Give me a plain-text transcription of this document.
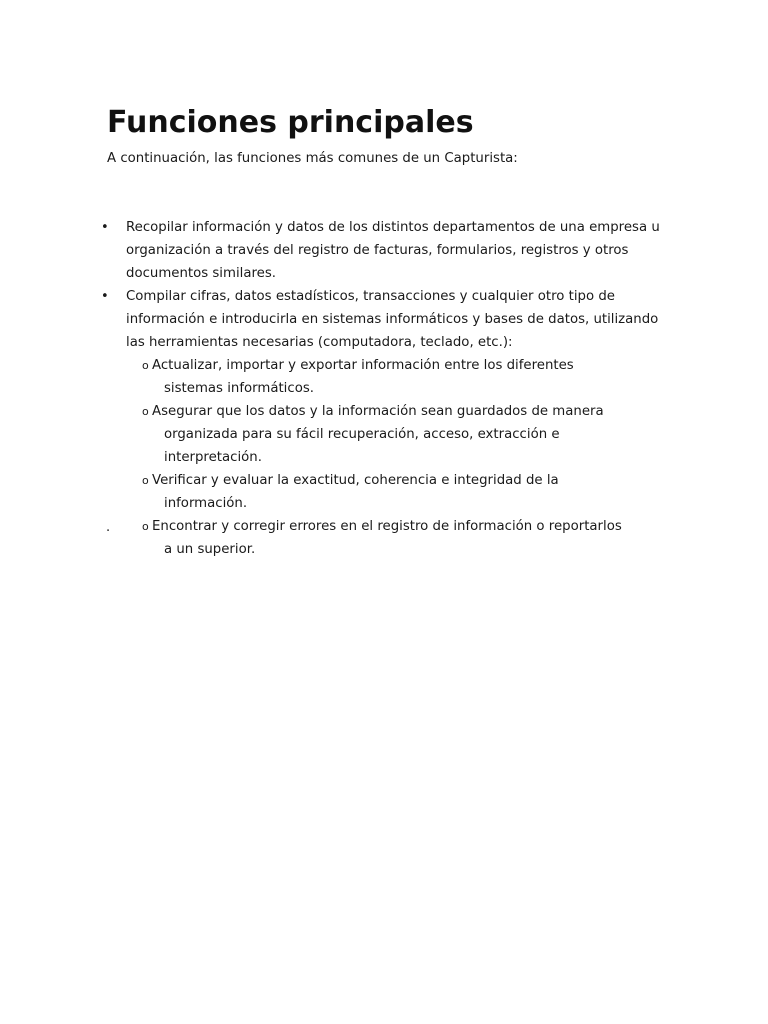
Funciones principales

A continuación, las funciones más comunes de un Capturista:

• Recopilar información y datos de los distintos departamentos de una empresa u organización a través del registro de facturas, formularios, registros y otros documentos similares.
• Compilar cifras, datos estadísticos, transacciones y cualquier otro tipo de información e introducirla en sistemas informáticos y bases de datos, utilizando las herramientas necesarias (computadora, teclado, etc.):
o Actualizar, importar y exportar información entre los diferentes sistemas informáticos.
o Asegurar que los datos y la información sean guardados de manera organizada para su fácil recuperación, acceso, extracción e interpretación.
o Verificar y evaluar la exactitud, coherencia e integridad de la información.
o Encontrar y corregir errores en el registro de información o reportarlos a un superior.
.
